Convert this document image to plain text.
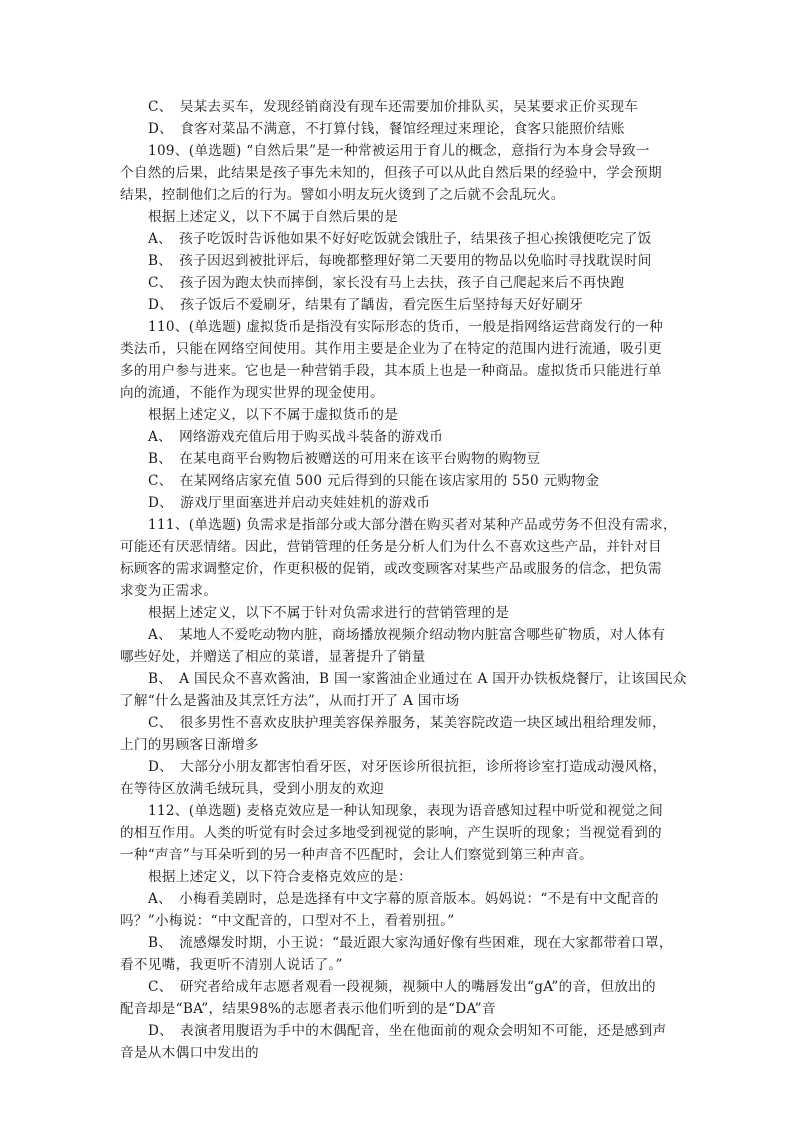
C、　吴某去买车，发现经销商没有现车还需要加价排队买，吴某要求正价买现车
D、　食客对菜品不满意，不打算付钱，餐馆经理过来理论，食客只能照价结账
109、(单选题) “自然后果”是一种常被运用于育儿的概念，意指行为本身会导致一
个自然的后果，此结果是孩子事先未知的，但孩子可以从此自然后果的经验中，学会预期
结果，控制他们之后的行为。譬如小明友玩火烫到了之后就不会乱玩火。
根据上述定义，以下不属于自然后果的是
A、　孩子吃饭时告诉他如果不好好吃饭就会饿肚子，结果孩子担心挨饿便吃完了饭
B、　孩子因迟到被批评后，每晚都整理好第二天要用的物品以免临时寻找耽误时间
C、　孩子因为跑太快而摔倒，家长没有马上去扶，孩子自己爬起来后不再快跑
D、　孩子饭后不爱刷牙，结果有了龋齿，看完医生后坚持每天好好刷牙
110、(单选题) 虚拟货币是指没有实际形态的货币，一般是指网络运营商发行的一种
类法币，只能在网络空间使用。其作用主要是企业为了在特定的范围内进行流通，吸引更
多的用户参与进来。它也是一种营销手段，其本质上也是一种商品。虚拟货币只能进行单
向的流通，不能作为现实世界的现金使用。
根据上述定义，以下不属于虚拟货币的是
A、　网络游戏充值后用于购买战斗装备的游戏币
B、　在某电商平台购物后被赠送的可用来在该平台购物的购物豆
C、　在某网络店家充值 500 元后得到的只能在该店家用的 550 元购物金
D、　游戏厅里面塞进并启动夹娃娃机的游戏币
111、(单选题) 负需求是指部分或大部分潜在购买者对某种产品或劳务不但没有需求，
可能还有厌恶情绪。因此，营销管理的任务是分析人们为什么不喜欢这些产品，并针对目
标顾客的需求调整定价，作更积极的促销，或改变顾客对某些产品或服务的信念，把负需
求变为正需求。
根据上述定义，以下不属于针对负需求进行的营销管理的是
A、　某地人不爱吃动物内脏，商场播放视频介绍动物内脏富含哪些矿物质，对人体有
哪些好处，并赠送了相应的菜谱，显著提升了销量
B、　A 国民众不喜欢酱油，B 国一家酱油企业通过在 A 国开办铁板烧餐厅，让该国民众
了解“什么是酱油及其烹饪方法”，从而打开了 A 国市场
C、　很多男性不喜欢皮肤护理美容保养服务，某美容院改造一块区域出租给理发师，
上门的男顾客日渐增多
D、　大部分小朋友都害怕看牙医，对牙医诊所很抗拒，诊所将诊室打造成动漫风格，
在等待区放满毛绒玩具，受到小朋友的欢迎
112、(单选题) 麦格克效应是一种认知现象，表现为语音感知过程中听觉和视觉之间
的相互作用。人类的听觉有时会过多地受到视觉的影响，产生误听的现象；当视觉看到的
一种“声音”与耳朵听到的另一种声音不匹配时，会让人们察觉到第三种声音。
根据上述定义，以下符合麦格克效应的是：
A、　小梅看美剧时，总是选择有中文字幕的原音版本。妈妈说：“不是有中文配音的
吗？”小梅说：“中文配音的，口型对不上，看着别扭。”
B、　流感爆发时期，小王说：“最近跟大家沟通好像有些困难，现在大家都带着口罩，
看不见嘴，我更听不清别人说话了。”
C、　研究者给成年志愿者观看一段视频，视频中人的嘴唇发出“gA”的音，但放出的
配音却是“BA”，结果98%的志愿者表示他们听到的是“DA”音
D、　表演者用腹语为手中的木偶配音，坐在他面前的观众会明知不可能，还是感到声
音是从木偶口中发出的
